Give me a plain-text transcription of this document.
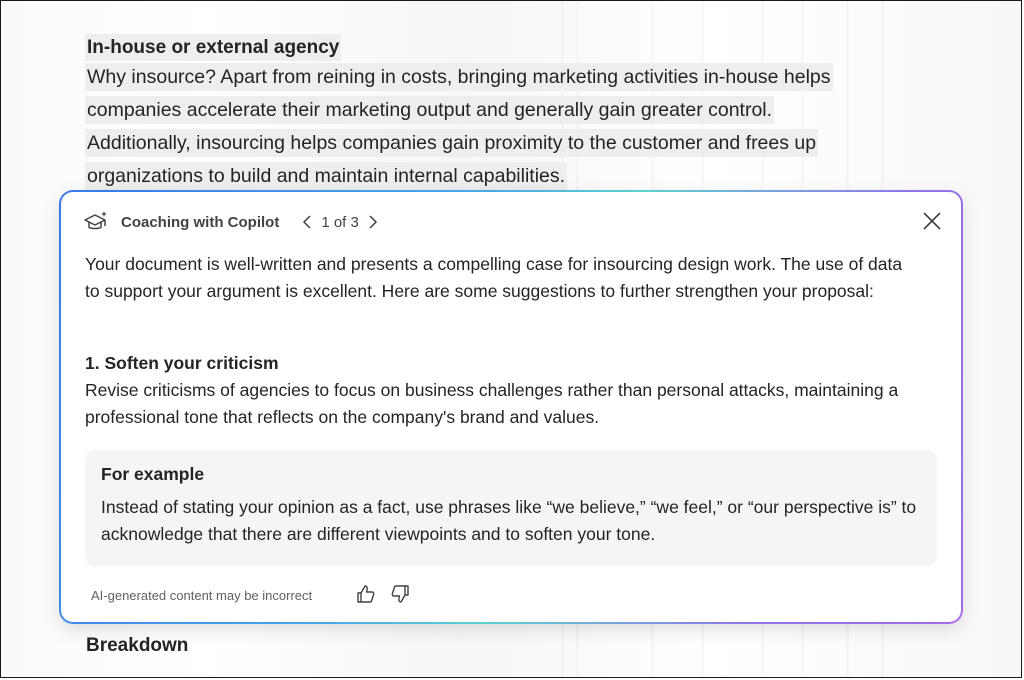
In-house or external agency
Why insource? Apart from reining in costs, bringing marketing activities in-house helps
companies accelerate their marketing output and generally gain greater control.
Additionally, insourcing helps companies gain proximity to the customer and frees up
organizations to build and maintain internal capabilities.
Breakdown
Coaching with Copilot	1 of 3
Your document is well-written and presents a compelling case for insourcing design work. The use of data to support your argument is excellent. Here are some suggestions to further strengthen your proposal:
1. Soften your criticism
Revise criticisms of agencies to focus on business challenges rather than personal attacks, maintaining a professional tone that reflects on the company's brand and values.
For example
Instead of stating your opinion as a fact, use phrases like “we believe,” “we feel,” or “our perspective is” to acknowledge that there are different viewpoints and to soften your tone.
AI-generated content may be incorrect
